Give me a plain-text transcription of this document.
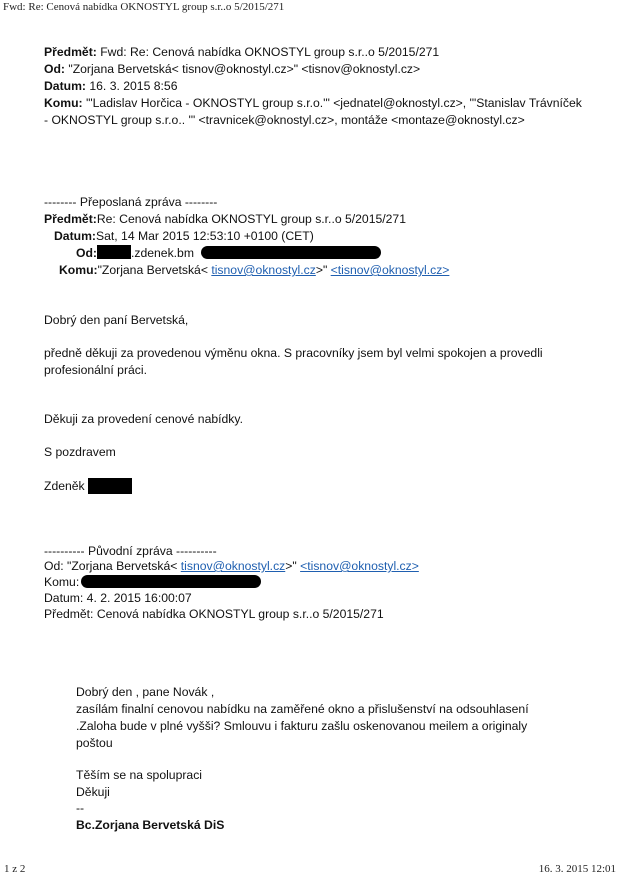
Fwd: Re: Cenová nabídka OKNOSTYL group s.r..o 5/2015/271
Předmět: Fwd: Re: Cenová nabídka OKNOSTYL group s.r..o 5/2015/271
Od: "Zorjana Bervetská< tisnov@oknostyl.cz>" <tisnov@oknostyl.cz>
Datum: 16. 3. 2015 8:56
Komu: '"Ladislav Horčica - OKNOSTYL group s.r.o.'" <jednatel@oknostyl.cz>, '"Stanislav Trávníček
- OKNOSTYL group s.r.o.. '" <travnicek@oknostyl.cz>, montáže <montaze@oknostyl.cz>
-------- Přeposlaná zpráva --------
Předmět:Re: Cenová nabídka OKNOSTYL group s.r..o 5/2015/271
Datum:Sat, 14 Mar 2015 12:53:10 +0100 (CET)
Od:	.zdenek.bm
Komu:"Zorjana Bervetská< tisnov@oknostyl.cz>" <tisnov@oknostyl.cz>
Dobrý den paní Bervetská,
předně děkuji za provedenou výměnu okna. S pracovníky jsem byl velmi spokojen a provedli
profesionální práci.
Děkuji za provedení cenové nabídky.
S pozdravem
Zdeněk
---------- Původní zpráva ----------
Od: "Zorjana Bervetská< tisnov@oknostyl.cz>" <tisnov@oknostyl.cz>
Komu:
Datum: 4. 2. 2015 16:00:07
Předmět: Cenová nabídka OKNOSTYL group s.r..o 5/2015/271
Dobrý den , pane Novák ,
zasílám finalní cenovou nabídku na zaměřené okno a přislušenství na odsouhlasení
.Zaloha bude v plné vyšši? Smlouvu i fakturu zašlu oskenovanou meilem a originaly
poštou
Těším se na spolupraci
Děkuji
--
Bc.Zorjana Bervetská DiS
1 z 2	16. 3. 2015 12:01
